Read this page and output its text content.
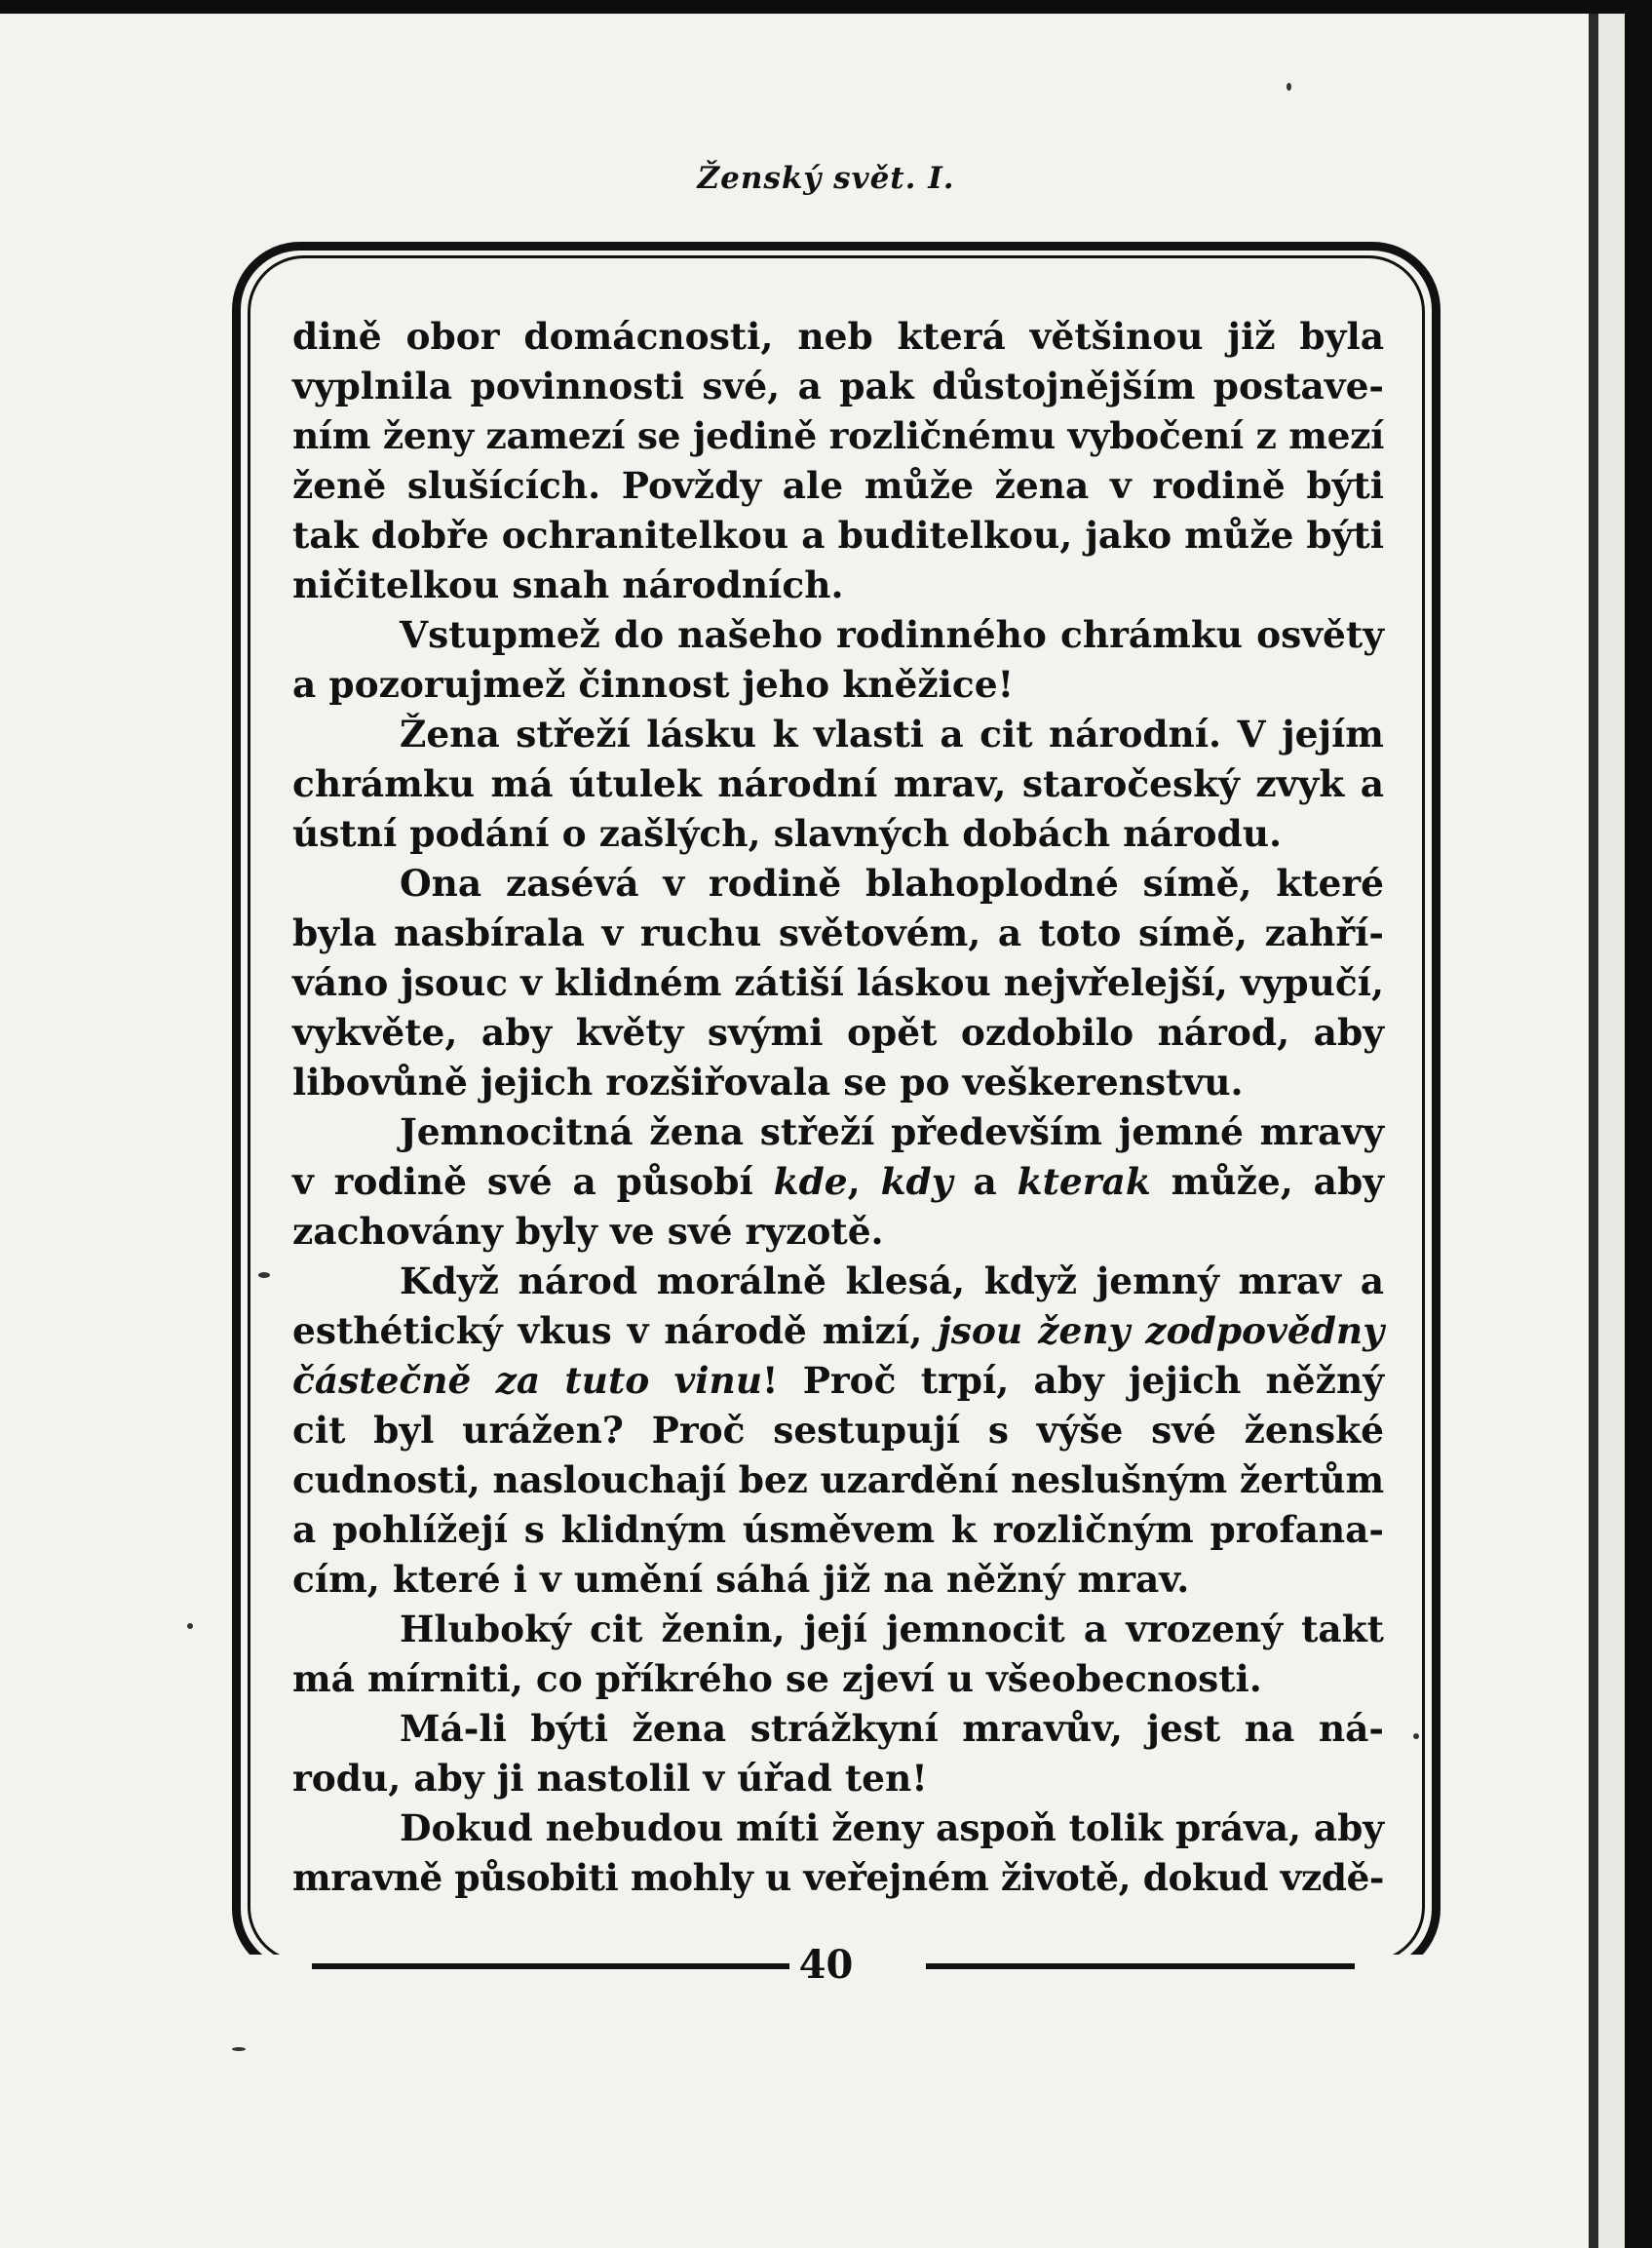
Ženský svět. I.
dině obor domácnosti, neb která většinou již byla
vyplnila povinnosti své, a pak důstojnějším postave-
ním ženy zamezí se jedině rozličnému vybočení z mezí
ženě slušících. Povždy ale může žena v rodině býti
tak dobře ochranitelkou a buditelkou, jako může býti
ničitelkou snah národních.
Vstupmež do našeho rodinného chrámku osvěty
a pozorujmež činnost jeho kněžice!
Žena střeží lásku k vlasti a cit národní. V jejím
chrámku má útulek národní mrav, staročeský zvyk a
ústní podání o zašlých, slavných dobách národu.
Ona zasévá v rodině blahoplodné símě, které
byla nasbírala v ruchu světovém, a toto símě, zahří-
váno jsouc v klidném zátiší láskou nejvřelejší, vypučí,
vykvěte, aby květy svými opět ozdobilo národ, aby
libovůně jejich rozšiřovala se po veškerenstvu.
Jemnocitná žena střeží především jemné mravy
v rodině své a působí kde, kdy a kterak může, aby
zachovány byly ve své ryzotě.
Když národ morálně klesá, když jemný mrav a
esthétický vkus v národě mizí, jsou ženy zodpovědny
částečně za tuto vinu! Proč trpí, aby jejich něžný
cit byl urážen? Proč sestupují s výše své ženské
cudnosti, naslouchají bez uzardění neslušným žertům
a pohlížejí s klidným úsměvem k rozličným profana-
cím, které i v umění sáhá již na něžný mrav.
Hluboký cit ženin, její jemnocit a vrozený takt
má mírniti, co příkrého se zjeví u všeobecnosti.
Má-li býti žena strážkyní mravův, jest na ná-
rodu, aby ji nastolil v úřad ten!
Dokud nebudou míti ženy aspoň tolik práva, aby
mravně působiti mohly u veřejném životě, dokud vzdě-
40
